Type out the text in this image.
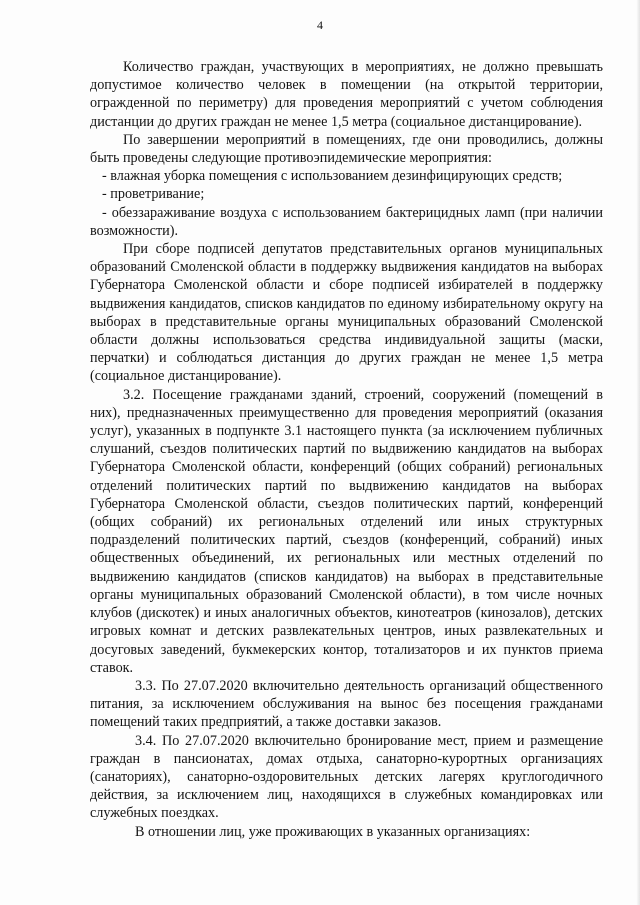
4

Количество граждан, участвующих в мероприятиях, не должно превышать допустимое количество человек в помещении (на открытой территории, огражденной по периметру) для проведения мероприятий с учетом соблюдения дистанции до других граждан не менее 1,5 метра (социальное дистанцирование).

По завершении мероприятий в помещениях, где они проводились, должны быть проведены следующие противоэпидемические мероприятия:

- влажная уборка помещения с использованием дезинфицирующих средств;

- проветривание;

- обеззараживание воздуха с использованием бактерицидных ламп (при наличии возможности).

При сборе подписей депутатов представительных органов муниципальных образований Смоленской области в поддержку выдвижения кандидатов на выборах Губернатора Смоленской области и сборе подписей избирателей в поддержку выдвижения кандидатов, списков кандидатов по единому избирательному округу на выборах в представительные органы муниципальных образований Смоленской области должны использоваться средства индивидуальной защиты (маски, перчатки) и соблюдаться дистанция до других граждан не менее 1,5 метра (социальное дистанцирование).

3.2. Посещение гражданами зданий, строений, сооружений (помещений в них), предназначенных преимущественно для проведения мероприятий (оказания услуг), указанных в подпункте 3.1 настоящего пункта (за исключением публичных слушаний, съездов политических партий по выдвижению кандидатов на выборах Губернатора Смоленской области, конференций (общих собраний) региональных отделений политических партий по выдвижению кандидатов на выборах Губернатора Смоленской области, съездов политических партий, конференций (общих собраний) их региональных отделений или иных структурных подразделений политических партий, съездов (конференций, собраний) иных общественных объединений, их региональных или местных отделений по выдвижению кандидатов (списков кандидатов) на выборах в представительные органы муниципальных образований Смоленской области), в том числе ночных клубов (дискотек) и иных аналогичных объектов, кинотеатров (кинозалов), детских игровых комнат и детских развлекательных центров, иных развлекательных и досуговых заведений, букмекерских контор, тотализаторов и их пунктов приема ставок.

3.3. По 27.07.2020 включительно деятельность организаций общественного питания, за исключением обслуживания на вынос без посещения гражданами помещений таких предприятий, а также доставки заказов.

3.4. По 27.07.2020 включительно бронирование мест, прием и размещение граждан в пансионатах, домах отдыха, санаторно-курортных организациях (санаториях), санаторно-оздоровительных детских лагерях круглогодичного действия, за исключением лиц, находящихся в служебных командировках или служебных поездках.

В отношении лиц, уже проживающих в указанных организациях:
